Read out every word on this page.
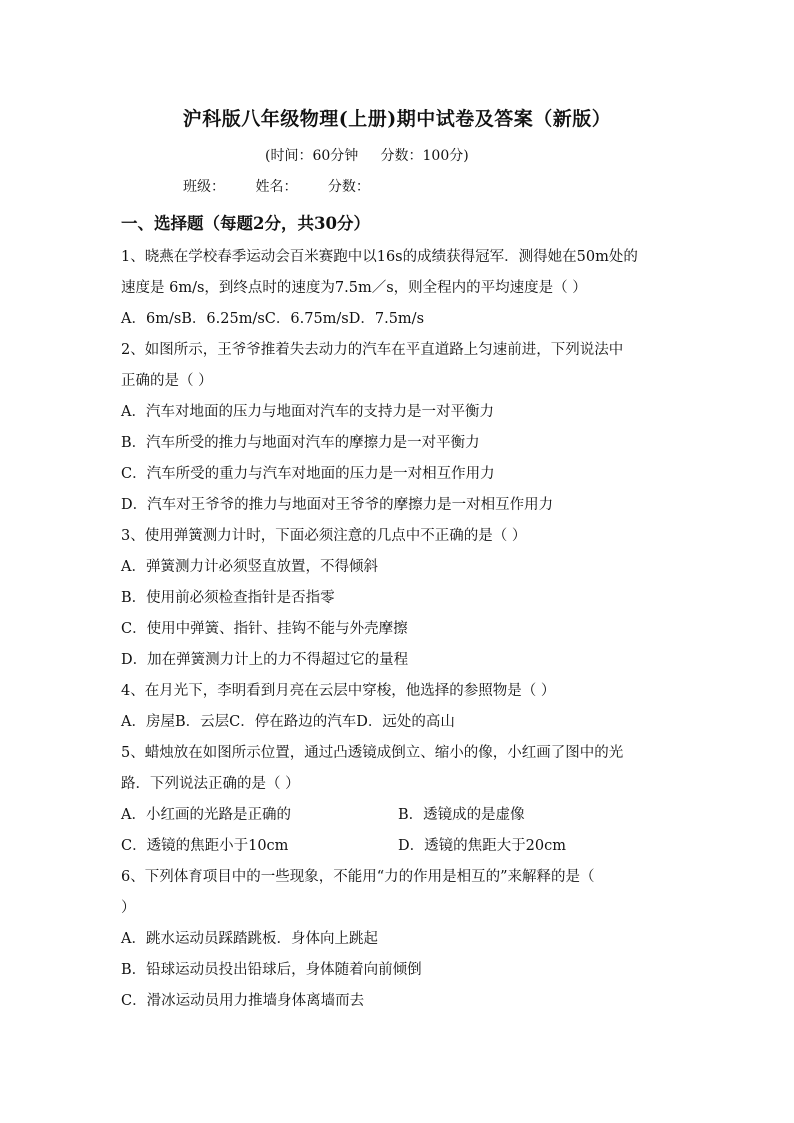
沪科版八年级物理(上册)期中试卷及答案（新版）
(时间：60分钟     分数：100分)
班级： 姓名： 分数：
一、选择题（每题2分，共30分）
1、晓燕在学校春季运动会百米赛跑中以16s的成绩获得冠军．测得她在50m处的
速度是 6m/s，到终点时的速度为7.5m／s，则全程内的平均速度是（ ）
A．6m/sB．6.25m/sC．6.75m/sD．7.5m/s
2、如图所示，王爷爷推着失去动力的汽车在平直道路上匀速前进，下列说法中
正确的是（ ）
A．汽车对地面的压力与地面对汽车的支持力是一对平衡力
B．汽车所受的推力与地面对汽车的摩擦力是一对平衡力
C．汽车所受的重力与汽车对地面的压力是一对相互作用力
D．汽车对王爷爷的推力与地面对王爷爷的摩擦力是一对相互作用力
3、使用弹簧测力计时，下面必须注意的几点中不正确的是（ ）
A．弹簧测力计必须竖直放置，不得倾斜
B．使用前必须检查指针是否指零
C．使用中弹簧、指针、挂钩不能与外壳摩擦
D．加在弹簧测力计上的力不得超过它的量程
4、在月光下，李明看到月亮在云层中穿梭，他选择的参照物是（ ）
A．房屋B．云层C．停在路边的汽车D．远处的高山
5、蜡烛放在如图所示位置，通过凸透镜成倒立、缩小的像，小红画了图中的光
路．下列说法正确的是（ ）
A．小红画的光路是正确的	B．透镜成的是虚像
C．透镜的焦距小于10cm	D．透镜的焦距大于20cm
6、下列体育项目中的一些现象，不能用“力的作用是相互的”来解释的是（
）
A．跳水运动员踩踏跳板．身体向上跳起
B．铅球运动员投出铅球后，身体随着向前倾倒
C．滑冰运动员用力推墙身体离墙而去
